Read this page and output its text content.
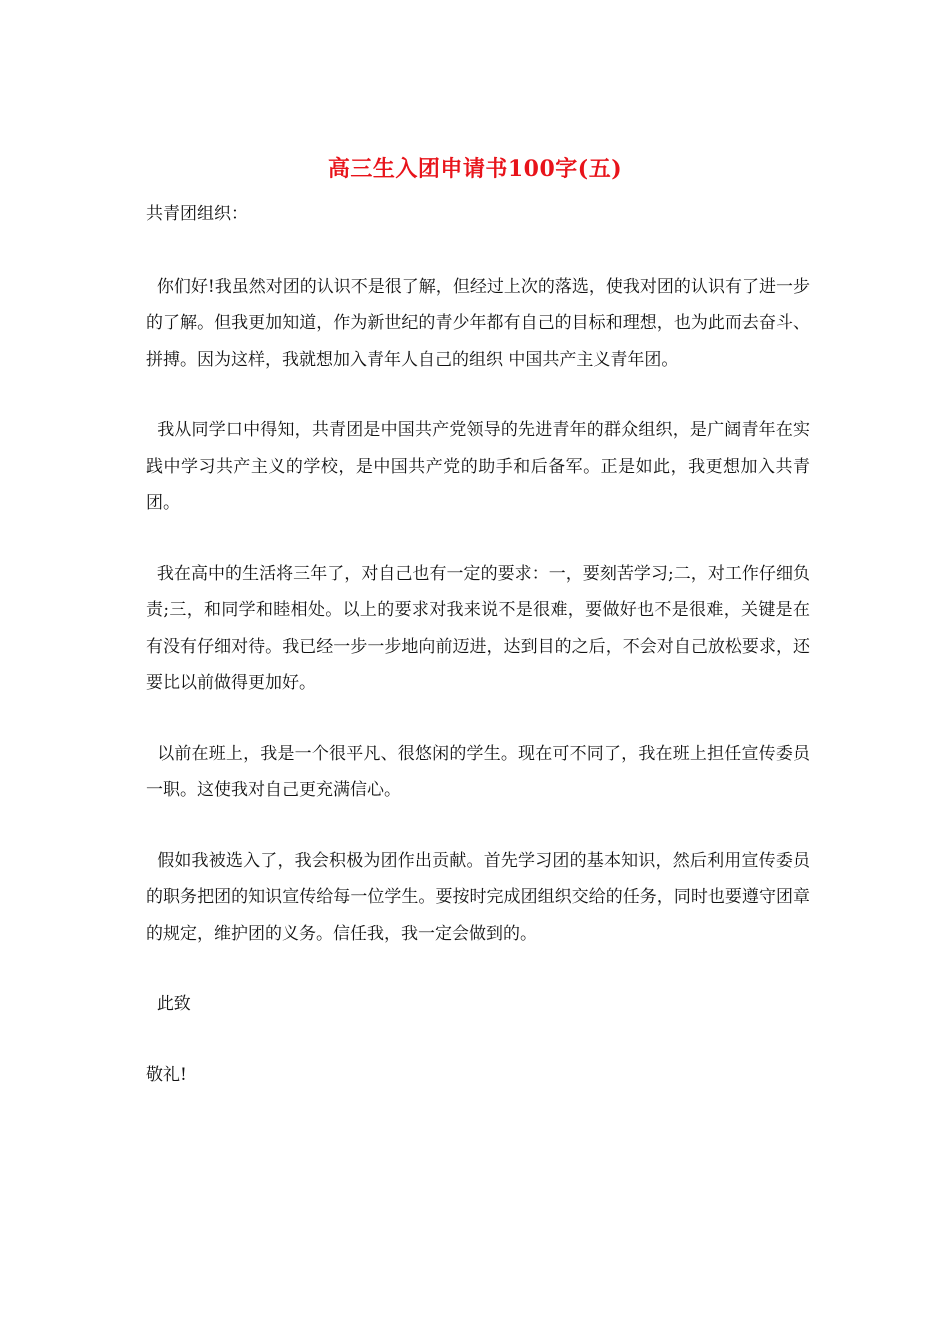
高三生入团申请书100字(五)

共青团组织：

你们好!我虽然对团的认识不是很了解，但经过上次的落选，使我对团的认识有了进一步的了解。但我更加知道，作为新世纪的青少年都有自己的目标和理想，也为此而去奋斗、拼搏。因为这样，我就想加入青年人自己的组织 中国共产主义青年团。

我从同学口中得知，共青团是中国共产党领导的先进青年的群众组织，是广阔青年在实践中学习共产主义的学校，是中国共产党的助手和后备军。正是如此，我更想加入共青团。

我在高中的生活将三年了，对自己也有一定的要求：一，要刻苦学习;二，对工作仔细负责;三，和同学和睦相处。以上的要求对我来说不是很难，要做好也不是很难，关键是在有没有仔细对待。我已经一步一步地向前迈进，达到目的之后，不会对自己放松要求，还要比以前做得更加好。

以前在班上，我是一个很平凡、很悠闲的学生。现在可不同了，我在班上担任宣传委员一职。这使我对自己更充满信心。

假如我被选入了，我会积极为团作出贡献。首先学习团的基本知识，然后利用宣传委员的职务把团的知识宣传给每一位学生。要按时完成团组织交给的任务，同时也要遵守团章的规定，维护团的义务。信任我，我一定会做到的。

此致

敬礼!
